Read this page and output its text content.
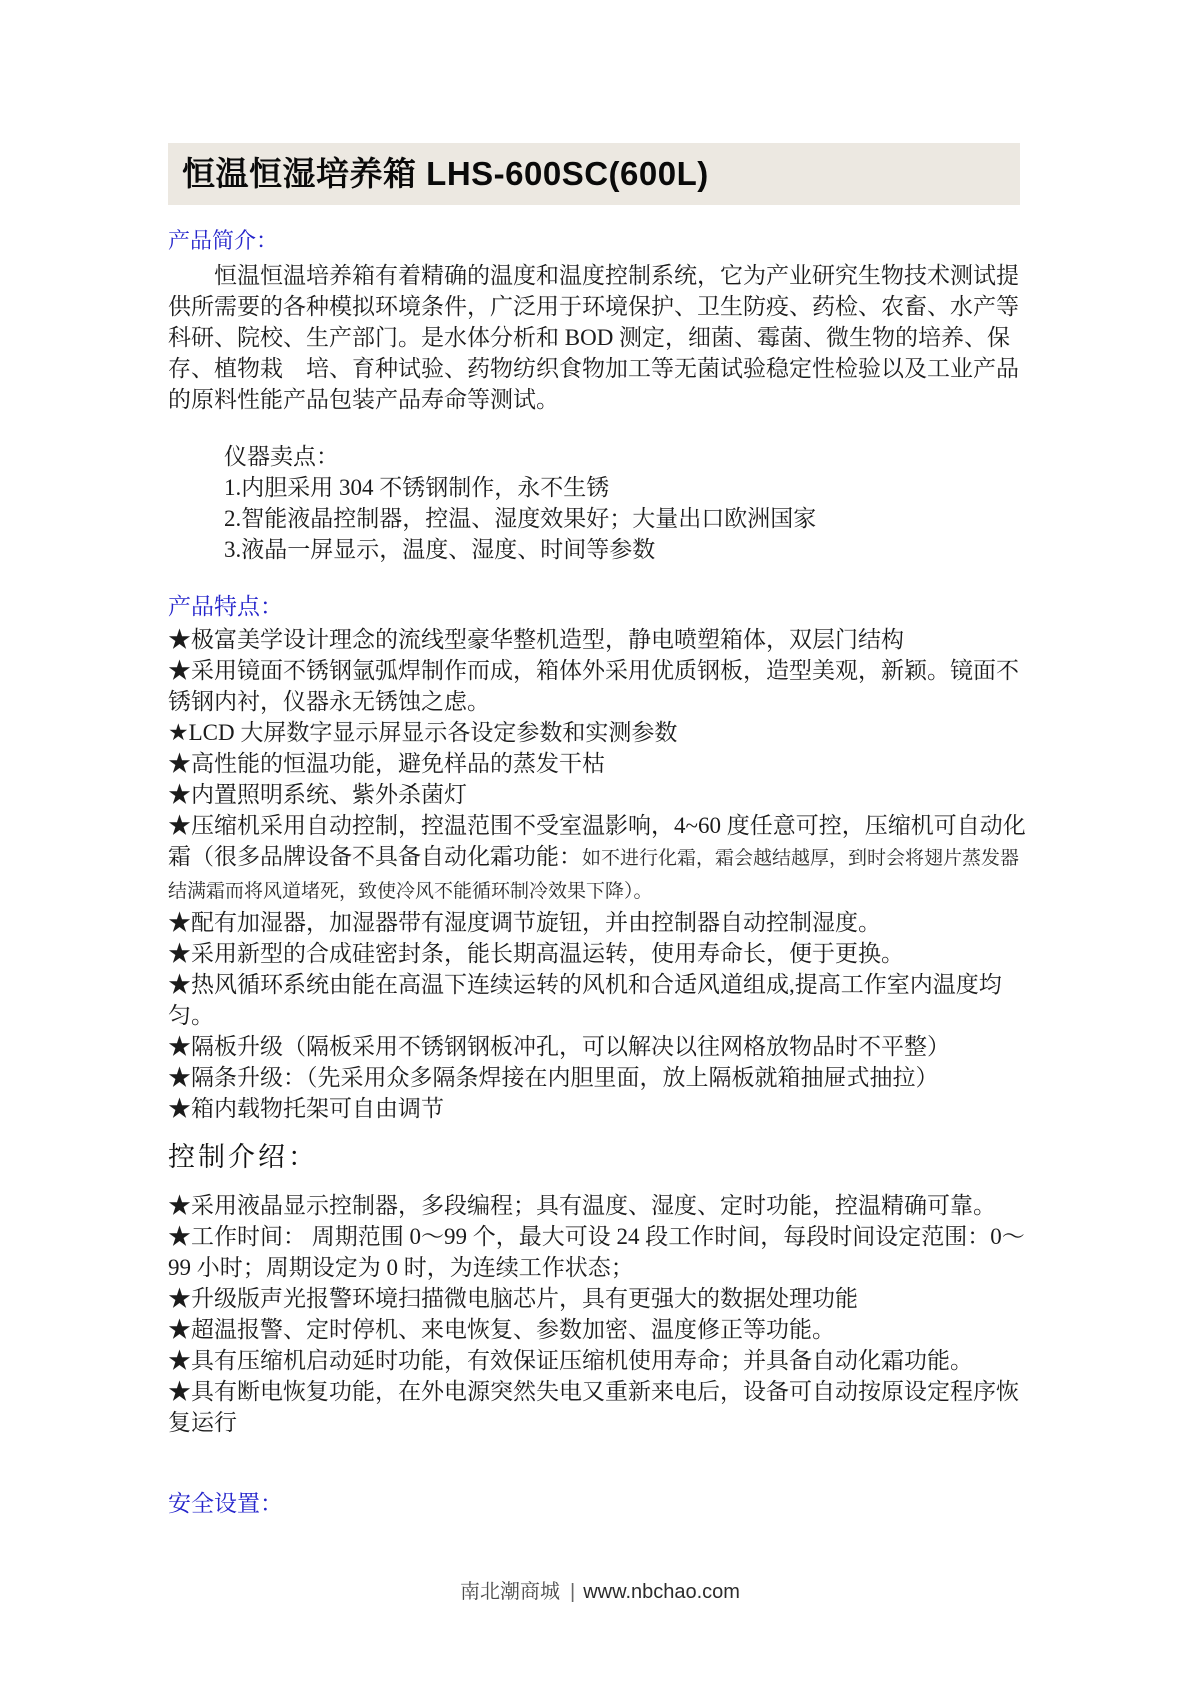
恒温恒湿培养箱 LHS-600SC(600L)

产品简介：

恒温恒温培养箱有着精确的温度和温度控制系统，它为产业研究生物技术测试提供所需要的各种模拟环境条件，广泛用于环境保护、卫生防疫、药检、农畜、水产等科研、院校、生产部门。是水体分析和 BOD 测定，细菌、霉菌、微生物的培养、保存、植物栽　培、育种试验、药物纺织食物加工等无菌试验稳定性检验以及工业产品的原料性能产品包装产品寿命等测试。

仪器卖点：

1.内胆采用 304 不锈钢制作，永不生锈

2.智能液晶控制器，控温、湿度效果好；大量出口欧洲国家

3.液晶一屏显示，温度、湿度、时间等参数

产品特点：

★极富美学设计理念的流线型豪华整机造型，静电喷塑箱体，双层门结构

★采用镜面不锈钢氩弧焊制作而成，箱体外采用优质钢板，造型美观，新颖。镜面不锈钢内衬，仪器永无锈蚀之虑。

★LCD 大屏数字显示屏显示各设定参数和实测参数

★高性能的恒温功能，避免样品的蒸发干枯

★内置照明系统、紫外杀菌灯

★压缩机采用自动控制，控温范围不受室温影响，4~60 度任意可控，压缩机可自动化霜（很多品牌设备不具备自动化霜功能：如不进行化霜，霜会越结越厚，到时会将翅片蒸发器结满霜而将风道堵死，致使冷风不能循环制冷效果下降）。

★配有加湿器，加湿器带有湿度调节旋钮，并由控制器自动控制湿度。

★采用新型的合成硅密封条，能长期高温运转，使用寿命长，便于更换。

★热风循环系统由能在高温下连续运转的风机和合适风道组成,提高工作室内温度均匀。

★隔板升级（隔板采用不锈钢钢板冲孔，可以解决以往网格放物品时不平整）

★隔条升级：（先采用众多隔条焊接在内胆里面，放上隔板就箱抽屉式抽拉）

★箱内载物托架可自由调节

控制介绍：

★采用液晶显示控制器，多段编程；具有温度、湿度、定时功能，控温精确可靠。

★工作时间： 周期范围 0～99 个，最大可设 24 段工作时间，每段时间设定范围：0～99 小时；周期设定为 0 时，为连续工作状态；

★升级版声光报警环境扫描微电脑芯片，具有更强大的数据处理功能

★超温报警、定时停机、来电恢复、参数加密、温度修正等功能。

★具有压缩机启动延时功能，有效保证压缩机使用寿命；并具备自动化霜功能。

★具有断电恢复功能，在外电源突然失电又重新来电后，设备可自动按原设定程序恢复运行

安全设置：

南北潮商城 | www.nbchao.com
